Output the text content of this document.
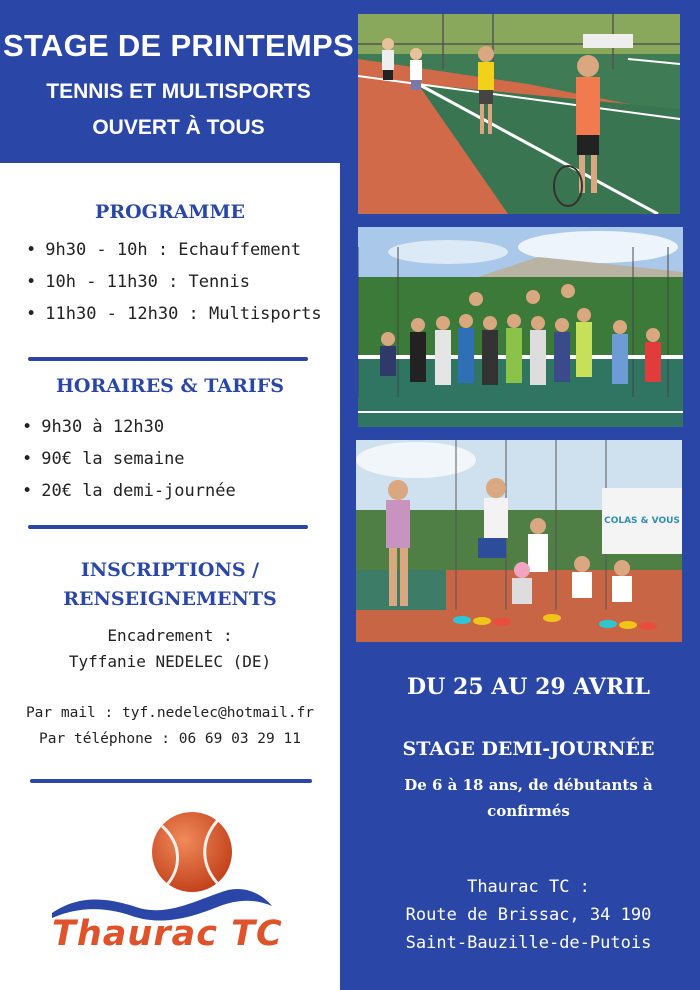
STAGE DE PRINTEMPS
TENNIS ET MULTISPORTS
OUVERT À TOUS
PROGRAMME
• 9h30 - 10h : Echauffement
• 10h - 11h30 : Tennis
• 11h30 - 12h30 : Multisports
HORAIRES & TARIFS
• 9h30 à 12h30
• 90€ la semaine
• 20€ la demi-journée
INSCRIPTIONS /
RENSEIGNEMENTS
Encadrement :
Tyffanie NEDELEC (DE)
Par mail : tyf.nedelec@hotmail.fr
Par téléphone : 06 69 03 29 11
Thaurac TC
COLAS & VOUS
DU 25 AU 29 AVRIL
STAGE DEMI-JOURNÉE
De 6 à 18 ans, de débutants à
confirmés
Thaurac TC :
Route de Brissac, 34 190
Saint-Bauzille-de-Putois
